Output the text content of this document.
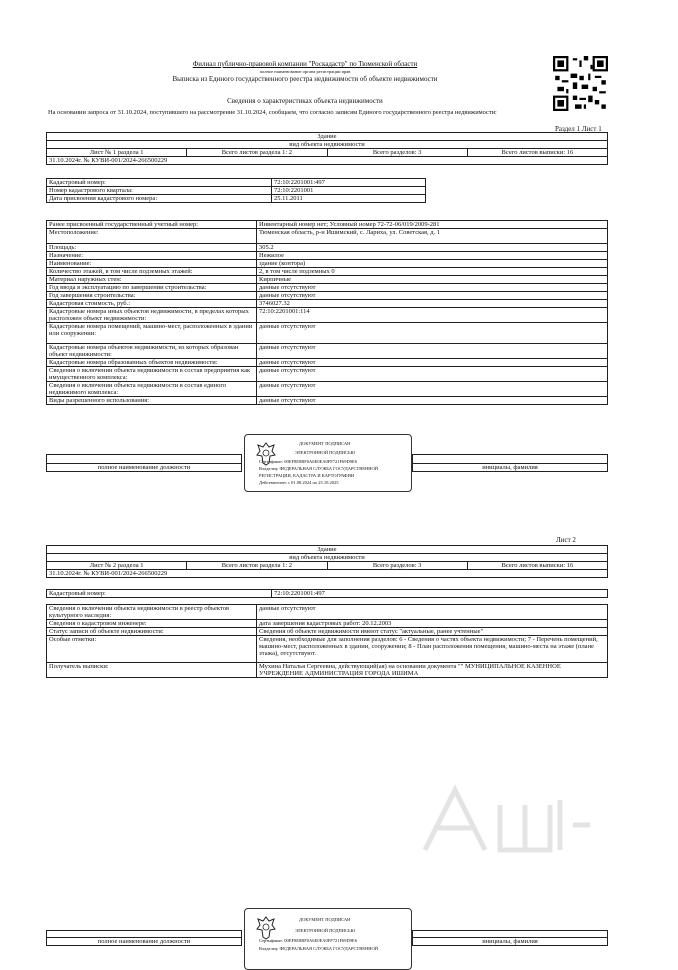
Филиал публично-правовой компании "Роскадастр" по Тюменской области
полное наименование органа регистрации прав
Выписка из Единого государственного реестра недвижимости об объекте недвижимости
Сведения о характеристиках объекта недвижимости
На основании запроса от 31.10.2024, поступившего на рассмотрение 31.10.2024, сообщаем, что согласно записям Единого государственного реестра недвижимости:
Раздел 1 Лист 1
Здание
вид объекта недвижимости
Лист № 1 раздела 1	Всего листов раздела 1: 2	Всего разделов: 3	Всего листов выписки: 16
31.10.2024г. № КУВИ-001/2024-266500229
Кадастровый номер:	72:10:2201001:497
Номер кадастрового квартала:	72:10:2201001
Дата присвоения кадастрового номера:	25.11.2011
Ранее присвоенный государственный учетный номер:	Инвентарный номер нет; Условный номер 72-72-06/019/2009-281
Местоположение:	Тюменская область, р-н Ишимский, с. Лариха, ул. Советская, д. 1
Площадь:	305.2
Назначение:	Нежилое
Наименование:	здание (контора)
Количество этажей, в том числе подземных этажей:	2, в том числе подземных 0
Материал наружных стен:	Кирпичные
Год ввода в эксплуатацию по завершении строительства:	данные отсутствуют
Год завершения строительства:	данные отсутствуют
Кадастровая стоимость, руб.:	3746027.32
Кадастровые номера иных объектов недвижимости, в пределах которых расположен объект недвижимости:	72:10:2201001:114
Кадастровые номера помещений, машино-мест, расположенных в здании или сооружении:	данные отсутствуют
Кадастровые номера объектов недвижимости, из которых образован объект недвижимости:	данные отсутствуют
Кадастровые номера образованных объектов недвижимости:	данные отсутствуют
Сведения о включении объекта недвижимости в состав предприятия как имущественного комплекса:	данные отсутствуют
Сведения о включении объекта недвижимости в состав единого недвижимого комплекса:	данные отсутствуют
Виды разрешенного использования:	данные отсутствуют

полное наименование должности		инициалы, фамилия
ДОКУМЕНТ ПОДПИСАН
ЭЛЕКТРОННОЙ ПОДПИСЬЮ
Сертификат: 00EF8E8BF0A6E0EA0FF721F69D9E6
Владелец: ФЕДЕРАЛЬНАЯ СЛУЖБА ГОСУДАРСТВЕННОЙ
РЕГИСТРАЦИИ, КАДАСТРА И КАРТОГРАФИИ
Действителен: с 01.08.2024 по 25.10.2025
Лист 2
Здание
вид объекта недвижимости
Лист № 2 раздела 1	Всего листов раздела 1: 2	Всего разделов: 3	Всего листов выписки: 16
31.10.2024г. № КУВИ-001/2024-266500229
Кадастровый номер:	72:10:2201001:497
Сведения о включении объекта недвижимости в реестр объектов культурного наследия:	данные отсутствуют
Сведения о кадастровом инженере:	дата завершения кадастровых работ: 20.12.2003
Статус записи об объекте недвижимости:	Сведения об объекте недвижимости имеют статус "актуальные, ранее учтенные"
Особые отметки:	Сведения, необходимые для заполнения разделов: 6 - Сведения о частях объекта недвижимости; 7 - Перечень помещений, машино-мест, расположенных в здании, сооружении; 8 - План расположения помещения, машино-места на этаже (плане этажа), отсутствуют.
Получатель выписки:	Мухина Наталья Сергеевна, действующий(ая) на основании документа "" МУНИЦИПАЛЬНОЕ КАЗЕННОЕ УЧРЕЖДЕНИЕ АДМИНИСТРАЦИЯ ГОРОДА ИШИМА

полное наименование должности		инициалы, фамилия
ДОКУМЕНТ ПОДПИСАН
ЭЛЕКТРОННОЙ ПОДПИСЬЮ
Сертификат: 00EF8E8BF0A6E0EA0FF721F69D9E6
Владелец: ФЕДЕРАЛЬНАЯ СЛУЖБА ГОСУДАРСТВЕННОЙ
